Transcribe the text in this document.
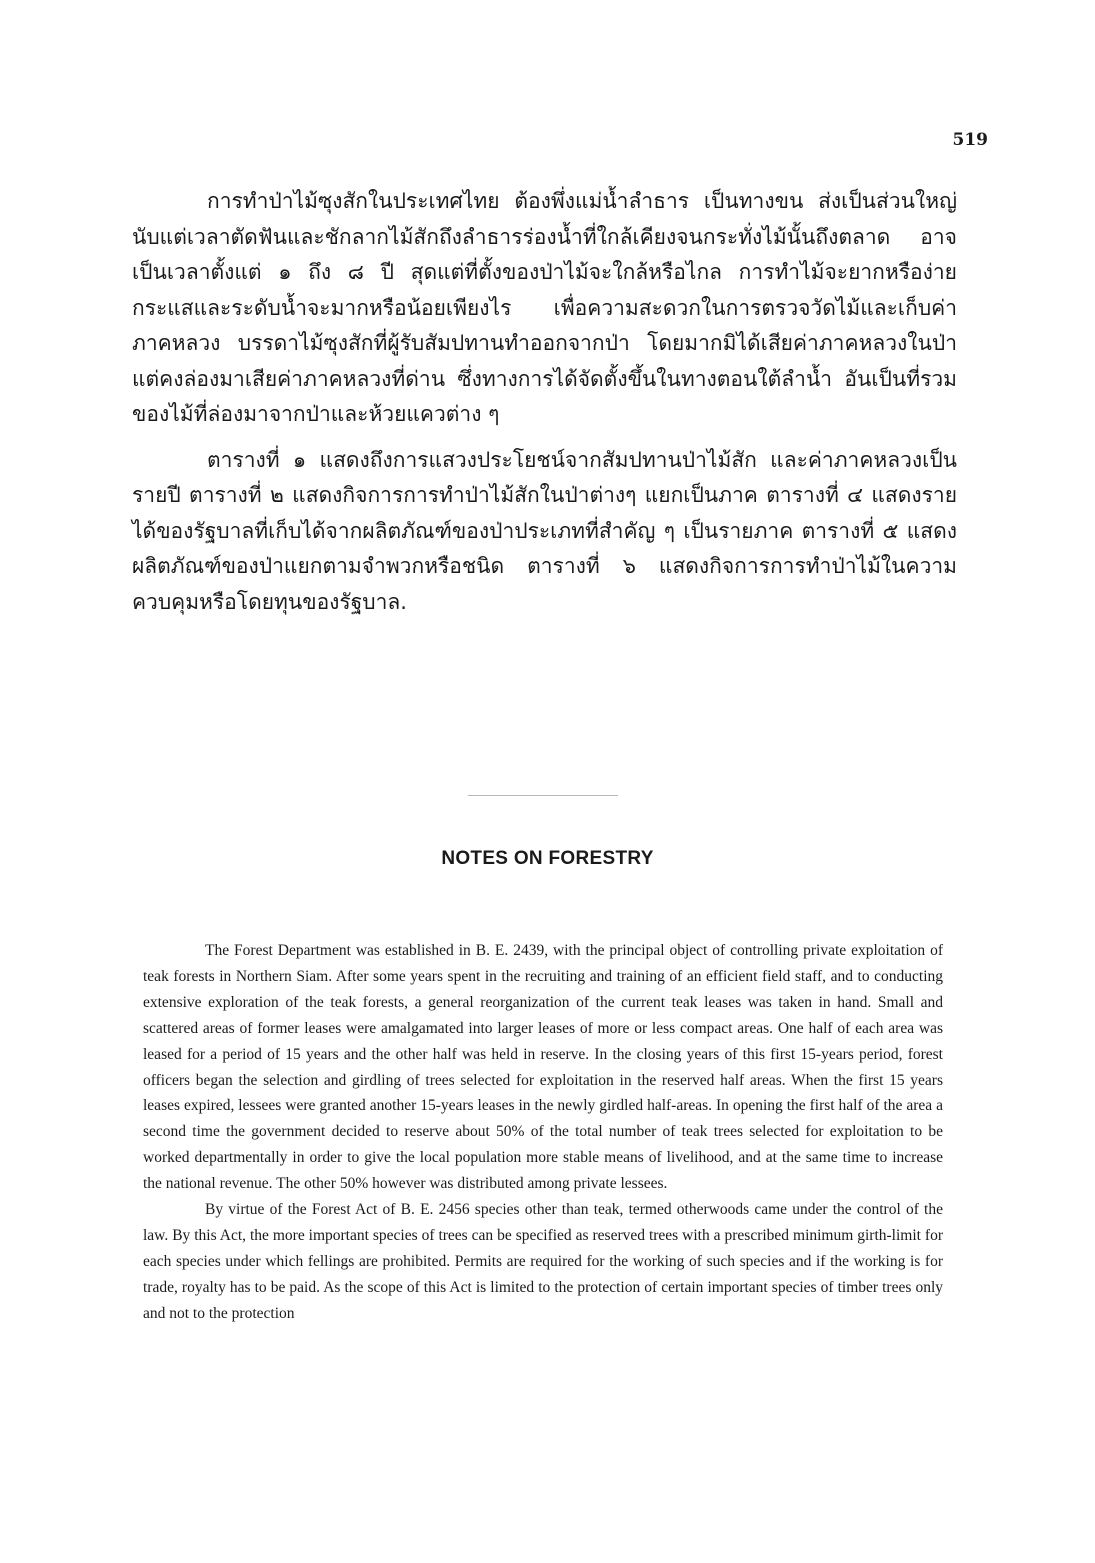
519

การทำป่าไม้ซุงสักในประเทศไทย ต้องพึ่งแม่น้ำลำธาร เป็นทางขน ส่งเป็นส่วนใหญ่ นับแต่เวลาตัดฟันและชักลากไม้สักถึงลำธารร่องน้ำที่ใกล้เคียงจนกระทั่งไม้นั้นถึงตลาด อาจเป็นเวลาตั้งแต่ ๑ ถึง ๘ ปี สุดแต่ที่ตั้งของป่าไม้จะใกล้หรือไกล การทำไม้จะยากหรือง่าย กระแสและระดับน้ำจะมากหรือน้อยเพียงไร เพื่อความสะดวกในการตรวจวัดไม้และเก็บค่าภาคหลวง บรรดาไม้ซุงสักที่ผู้รับสัมปทานทำออกจากป่า โดยมากมิได้เสียค่าภาคหลวงในป่า แต่คงล่องมาเสียค่าภาคหลวงที่ด่าน ซึ่งทางการได้จัดตั้งขึ้นในทางตอนใต้ลำน้ำ อันเป็นที่รวมของไม้ที่ล่องมาจากป่าและห้วยแควต่าง ๆ

ตารางที่ ๑ แสดงถึงการแสวงประโยชน์จากสัมปทานป่าไม้สัก และค่าภาคหลวงเป็นรายปี ตารางที่ ๒ แสดงกิจการการทำป่าไม้สักในป่าต่างๆ แยกเป็นภาค ตารางที่ ๔ แสดงรายได้ของรัฐบาลที่เก็บได้จากผลิตภัณฑ์ของป่าประเภทที่สำคัญ ๆ เป็นรายภาค ตารางที่ ๕ แสดงผลิตภัณฑ์ของป่าแยกตามจำพวกหรือชนิด ตารางที่ ๖ แสดงกิจการการทำป่าไม้ในความควบคุมหรือโดยทุนของรัฐบาล.

NOTES ON FORESTRY

The Forest Department was established in B. E. 2439, with the principal object of controlling private exploitation of teak forests in Northern Siam. After some years spent in the recruiting and training of an efficient field staff, and to conducting extensive exploration of the teak forests, a general reorganization of the current teak leases was taken in hand. Small and scattered areas of former leases were amalgamated into larger leases of more or less compact areas. One half of each area was leased for a period of 15 years and the other half was held in reserve. In the closing years of this first 15-years period, forest officers began the selection and girdling of trees selected for exploitation in the reserved half areas. When the first 15 years leases expired, lessees were granted another 15-years leases in the newly girdled half-areas. In opening the first half of the area a second time the government decided to reserve about 50% of the total number of teak trees selected for exploitation to be worked departmentally in order to give the local population more stable means of livelihood, and at the same time to increase the national revenue. The other 50% however was distributed among private lessees.

By virtue of the Forest Act of B. E. 2456 species other than teak, termed otherwoods came under the control of the law. By this Act, the more important species of trees can be specified as reserved trees with a prescribed minimum girth-limit for each species under which fellings are prohibited. Permits are required for the working of such species and if the working is for trade, royalty has to be paid. As the scope of this Act is limited to the protection of certain important species of timber trees only and not to the protection
